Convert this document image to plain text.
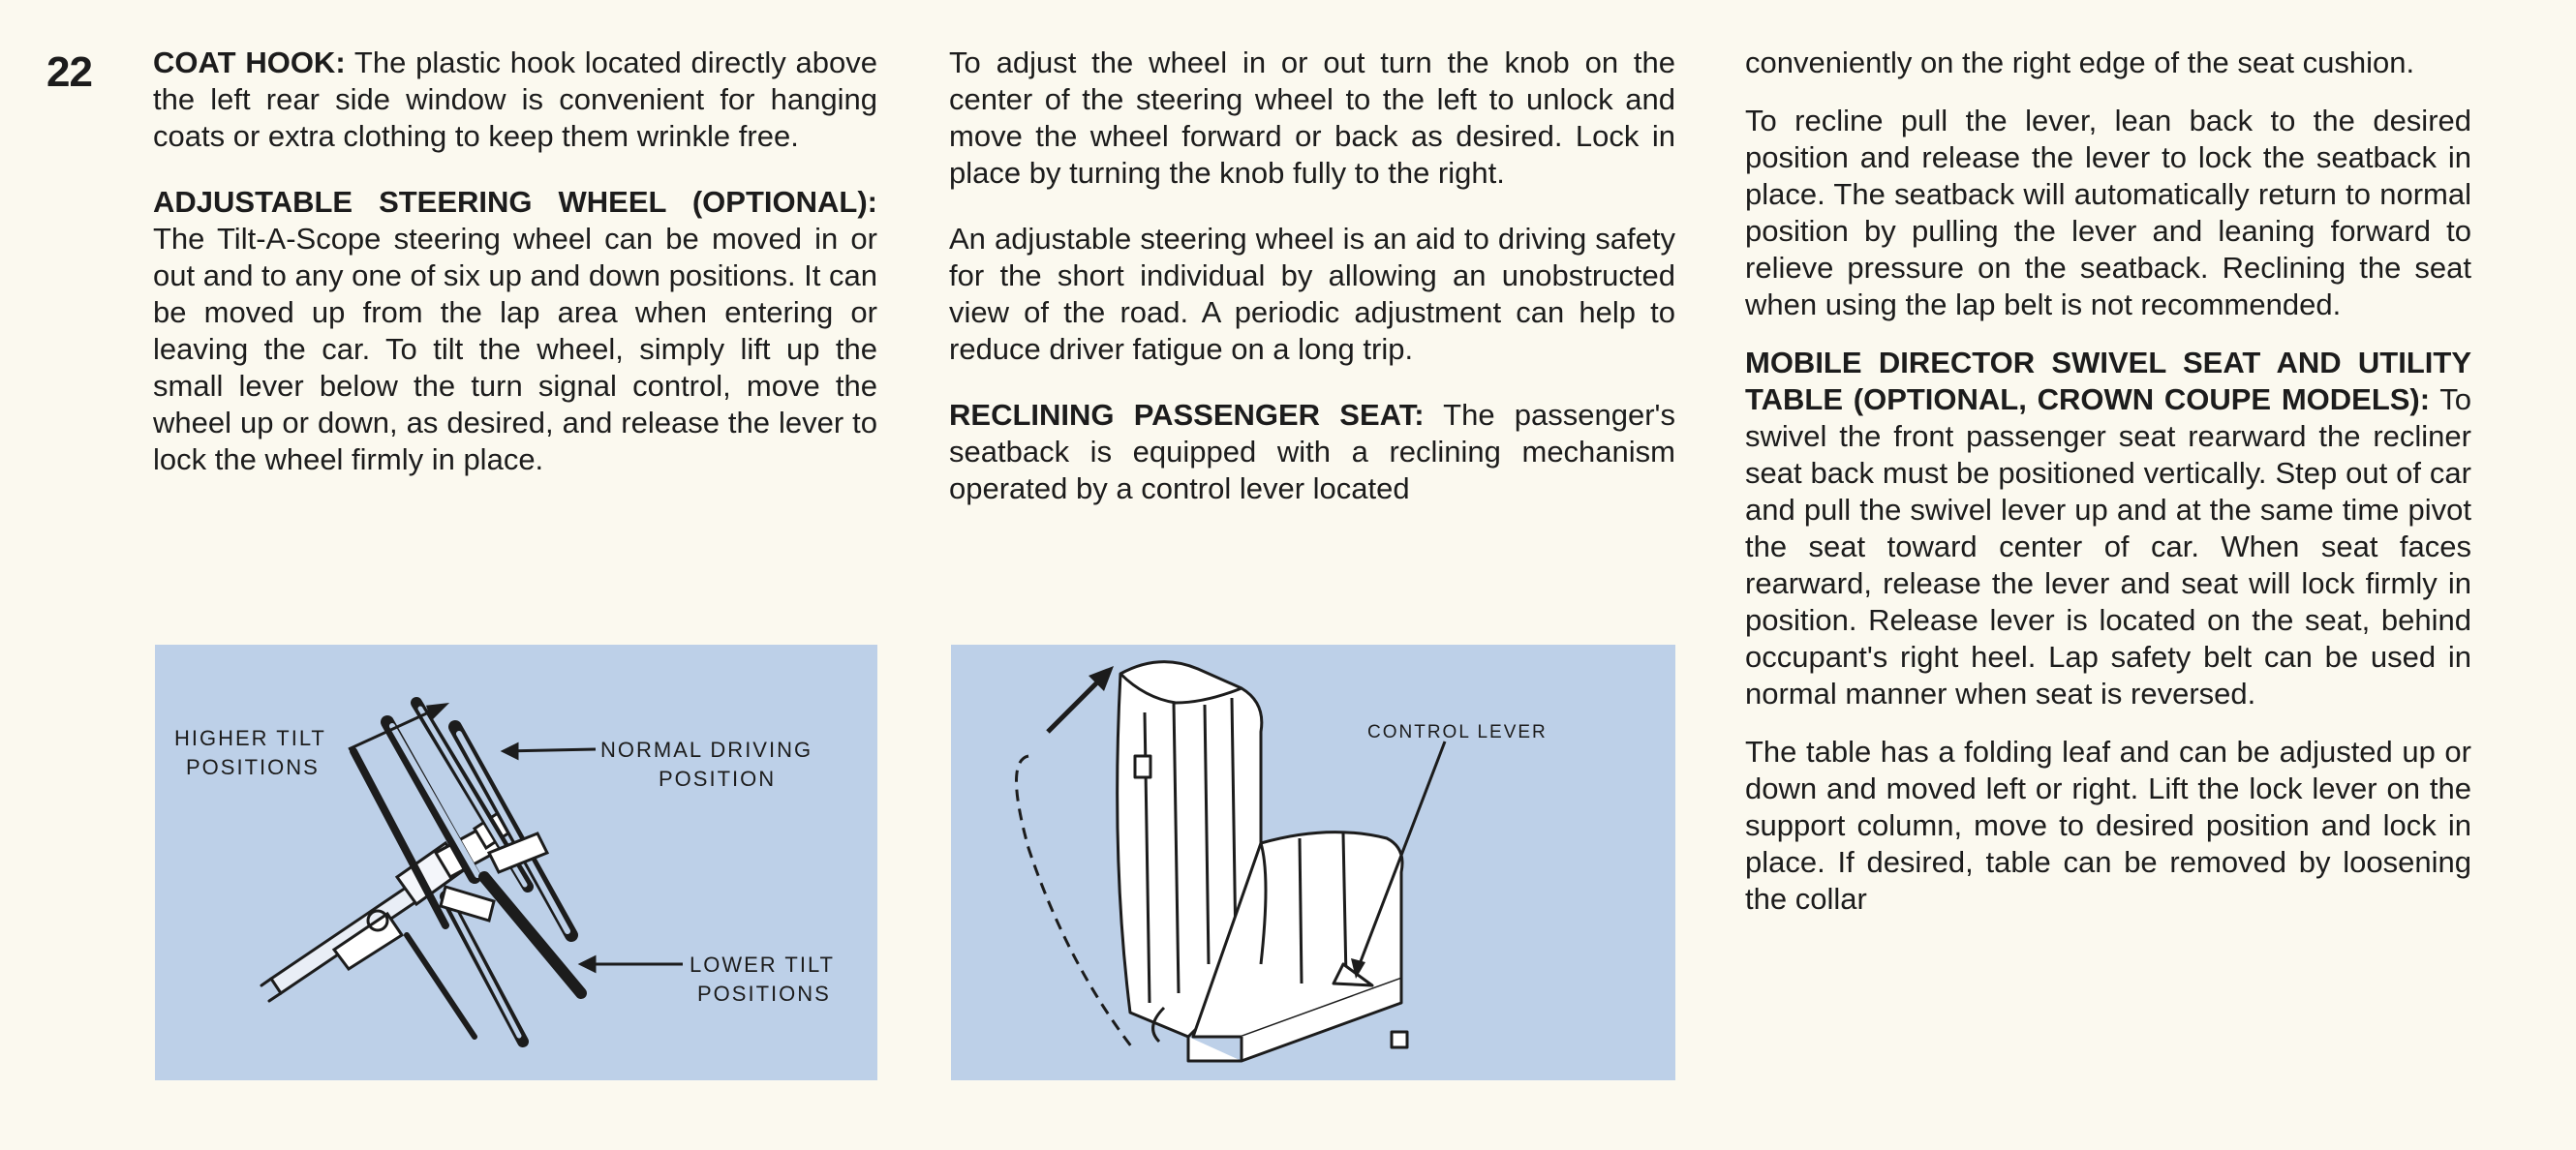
22 COAT HOOK: The plastic hook located directly above the left rear side window is convenient for hanging coats or extra clothing to keep them wrinkle free.

ADJUSTABLE STEERING WHEEL (OPTIONAL): The Tilt-A-Scope steering wheel can be moved in or out and to any one of six up and down positions. It can be moved up from the lap area when entering or leaving the car. To tilt the wheel, simply lift up the small lever below the turn signal control, move the wheel up or down, as desired, and release the lever to lock the wheel firmly in place.

To adjust the wheel in or out turn the knob on the center of the steering wheel to the left to unlock and move the wheel forward or back as desired. Lock in place by turning the knob fully to the right.

An adjustable steering wheel is an aid to driving safety for the short individual by allowing an unobstructed view of the road. A periodic adjustment can help to reduce driver fatigue on a long trip.

RECLINING PASSENGER SEAT: The passenger's seatback is equipped with a reclining mechanism operated by a control lever located

conveniently on the right edge of the seat cushion.

To recline pull the lever, lean back to the desired position and release the lever to lock the seatback in place. The seatback will automatically return to normal position by pulling the lever and leaning forward to relieve pressure on the seatback. Reclining the seat when using the lap belt is not recommended.

MOBILE DIRECTOR SWIVEL SEAT AND UTILITY TABLE (OPTIONAL, CROWN COUPE MODELS): To swivel the front passenger seat rearward the recliner seat back must be positioned vertically. Step out of car and pull the swivel lever up and at the same time pivot the seat toward center of car. When seat faces rearward, release the lever and seat will lock firmly in position. Release lever is located on the seat, behind occupant's right heel. Lap safety belt can be used in normal manner when seat is reversed.

The table has a folding leaf and can be adjusted up or down and moved left or right. Lift the lock lever on the support column, move to desired position and lock in place. If desired, table can be removed by loosening the collar

HIGHER TILT
POSITIONS
NORMAL DRIVING
POSITION
LOWER TILT
POSITIONS
CONTROL LEVER
